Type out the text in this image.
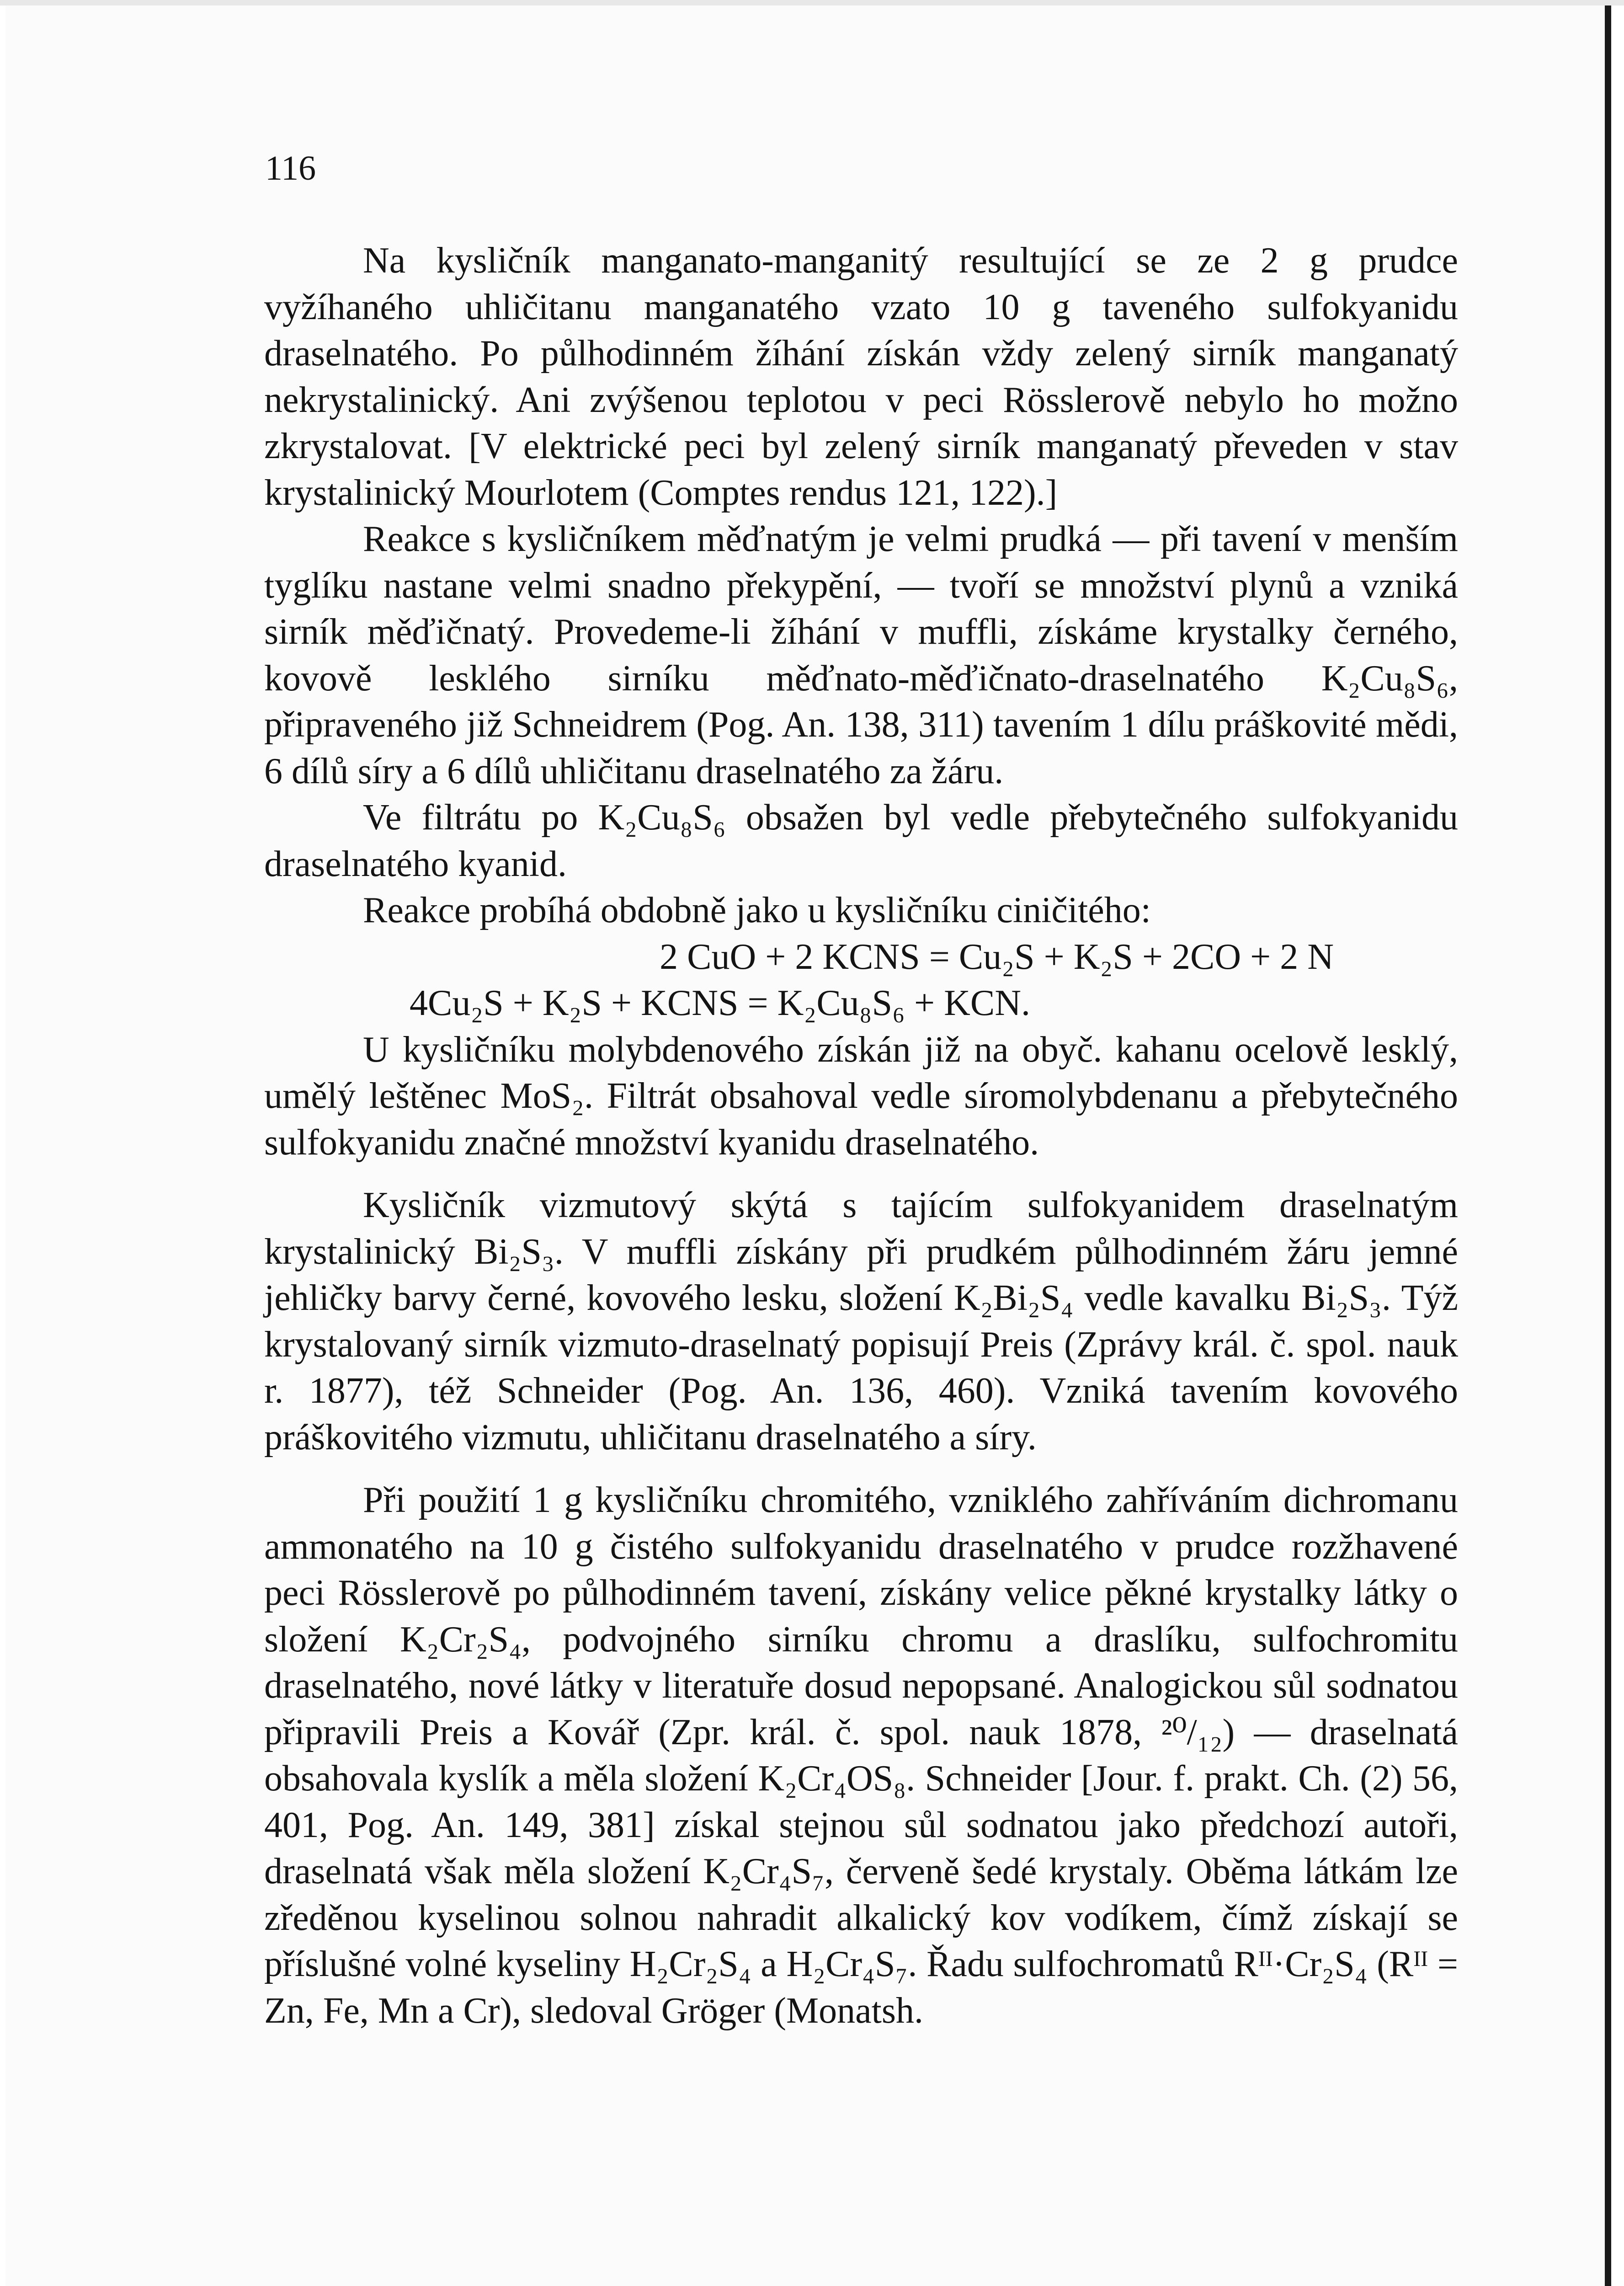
116

Na kysličník manganato-manganitý resultující se ze 2 g prudce vyžíhaného uhličitanu manganatého vzato 10 g taveného sulfokyanidu draselnatého. Po půlhodinném žíhání získán vždy zelený sirník manganatý nekrystalinický. Ani zvýšenou teplotou v peci Rösslerově nebylo ho možno zkrystalovat. [V elektrické peci byl zelený sirník manganatý převeden v stav krystalinický Mourlotem (Comptes rendus 121, 122).]

Reakce s kysličníkem měďnatým je velmi prudká — při tavení v menším tyglíku nastane velmi snadno překypění, — tvoří se množství plynů a vzniká sirník měďičnatý. Provedeme-li žíhání v muffli, získáme krystalky černého, kovově lesklého sirníku měďnato-měďičnato-draselnatého K₂Cu₈S₆, připraveného již Schneidrem (Pog. An. 138, 311) tavením 1 dílu práškovité mědi, 6 dílů síry a 6 dílů uhličitanu draselnatého za žáru.

Ve filtrátu po K₂Cu₈S₆ obsažen byl vedle přebytečného sulfokyanidu draselnatého kyanid.

Reakce probíhá obdobně jako u kysličníku ciničitého:

2 CuO + 2 KCNS = Cu₂S + K₂S + 2CO + 2 N

4Cu₂S + K₂S + KCNS = K₂Cu₈S₆ + KCN.

U kysličníku molybdenového získán již na obyč. kahanu ocelově lesklý, umělý leštěnec MoS₂. Filtrát obsahoval vedle síromolybdenanu a přebytečného sulfokyanidu značné množství kyanidu draselnatého.

Kysličník vizmutový skýtá s tajícím sulfokyanidem draselnatým krystalinický Bi₂S₃. V muffli získány při prudkém půlhodinném žáru jemné jehličky barvy černé, kovového lesku, složení K₂Bi₂S₄ vedle kavalku Bi₂S₃. Týž krystalovaný sirník vizmuto-draselnatý popisují Preis (Zprávy král. č. spol. nauk r. 1877), též Schneider (Pog. An. 136, 460). Vzniká tavením kovového práškovitého vizmutu, uhličitanu draselnatého a síry.

Při použití 1 g kysličníku chromitého, vzniklého zahříváním dichromanu ammonatého na 10 g čistého sulfokyanidu draselnatého v prudce rozžhavené peci Rösslerově po půlhodinném tavení, získány velice pěkné krystalky látky o složení K₂Cr₂S₄, podvojného sirníku chromu a draslíku, sulfochromitu draselnatého, nové látky v literatuře dosud nepopsané. Analogickou sůl sodnatou připravili Preis a Kovář (Zpr. král. č. spol. nauk 1878, ²⁰/₁₂) — draselnatá obsahovala kyslík a měla složení K₂Cr₄OS₈. Schneider [Jour. f. prakt. Ch. (2) 56, 401, Pog. An. 149, 381] získal stejnou sůl sodnatou jako předchozí autoři, draselnatá však měla složení K₂Cr₄S₇, červeně šedé krystaly. Oběma látkám lze zředěnou kyselinou solnou nahradit alkalický kov vodíkem, čímž získají se příslušné volné kyseliny H₂Cr₂S₄ a H₂Cr₄S₇. Řadu sulfochromatů Rᴵᴵ·Cr₂S₄ (Rᴵᴵ = Zn, Fe, Mn a Cr), sledoval Gröger (Monatsh.
